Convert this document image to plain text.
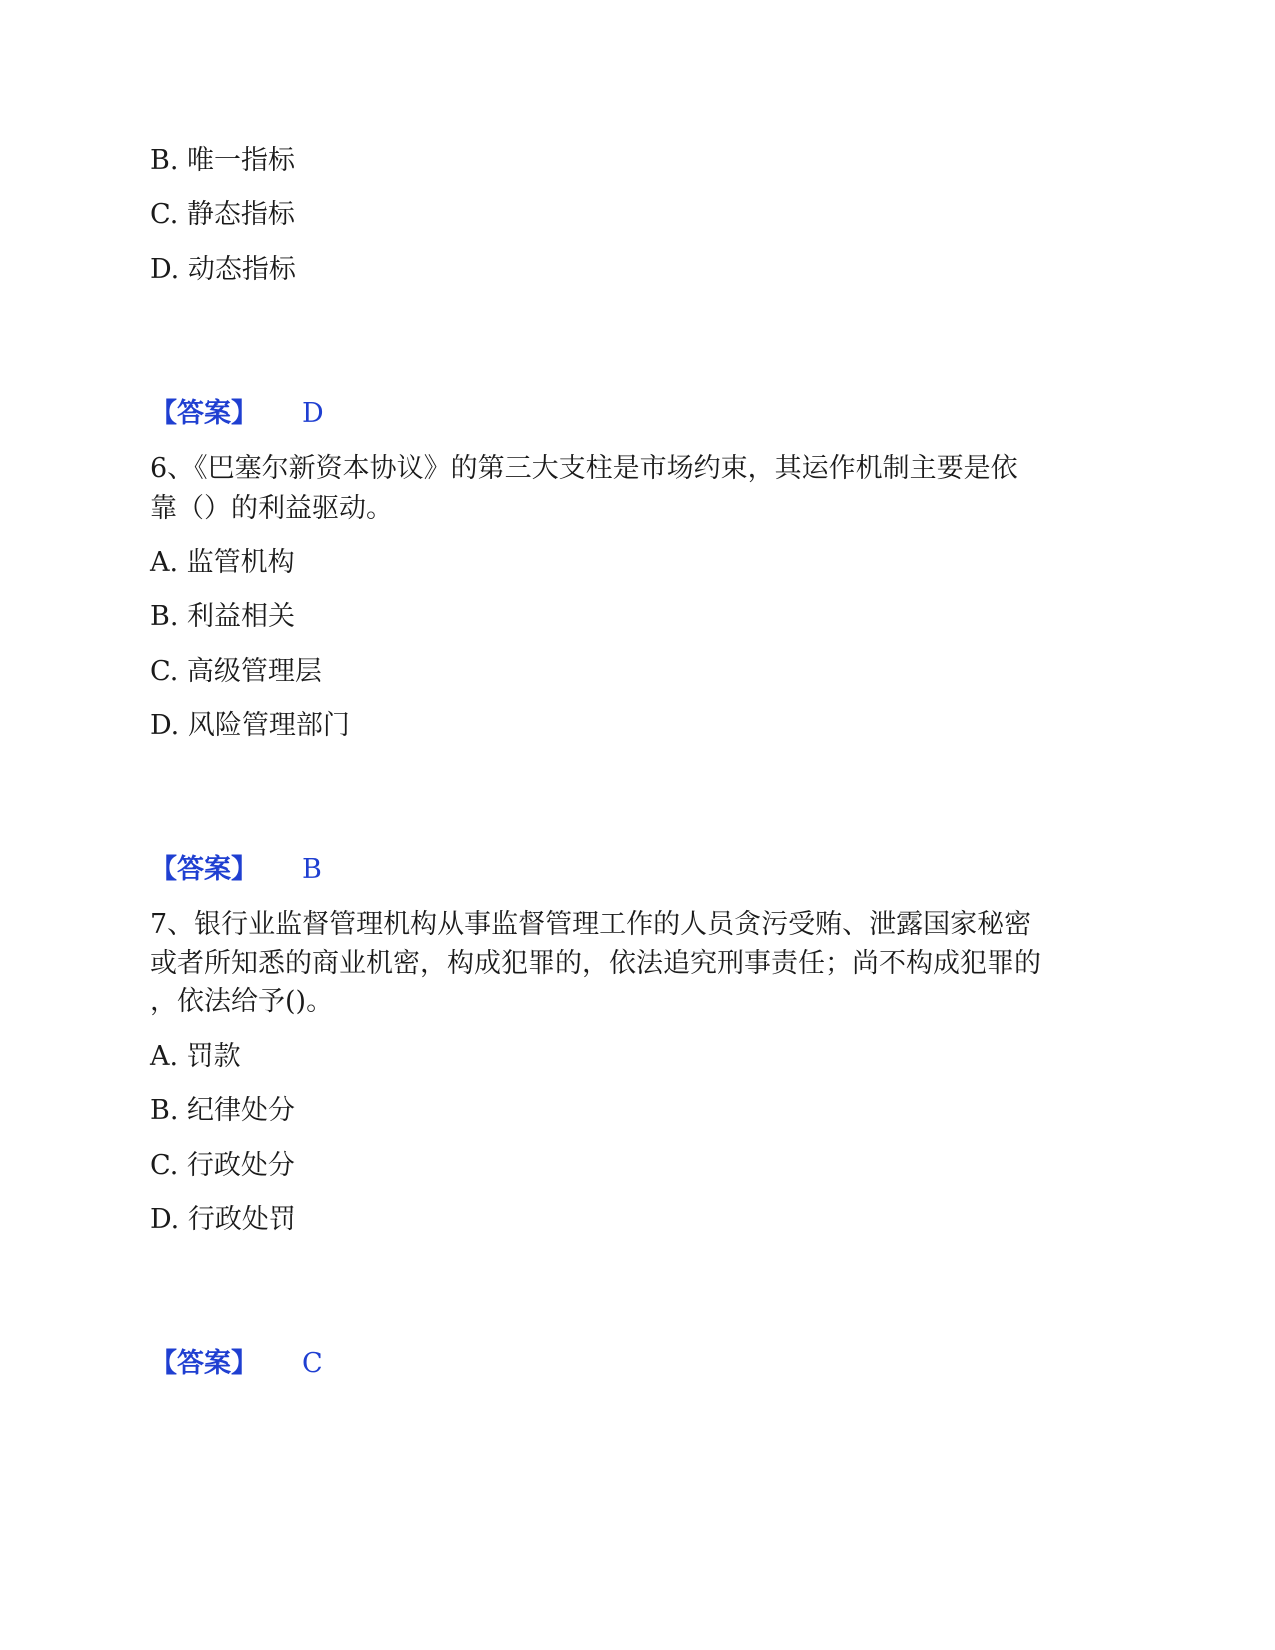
B. 唯一指标
C. 静态指标
D. 动态指标
【答案】 D
6、《巴塞尔新资本协议》的第三大支柱是市场约束，其运作机制主要是依
靠（）的利益驱动。
A. 监管机构
B. 利益相关
C. 高级管理层
D. 风险管理部门
【答案】 B
7、银行业监督管理机构从事监督管理工作的人员贪污受贿、泄露国家秘密
或者所知悉的商业机密，构成犯罪的，依法追究刑事责任；尚不构成犯罪的
，依法给予()。
A. 罚款
B. 纪律处分
C. 行政处分
D. 行政处罚
【答案】 C
